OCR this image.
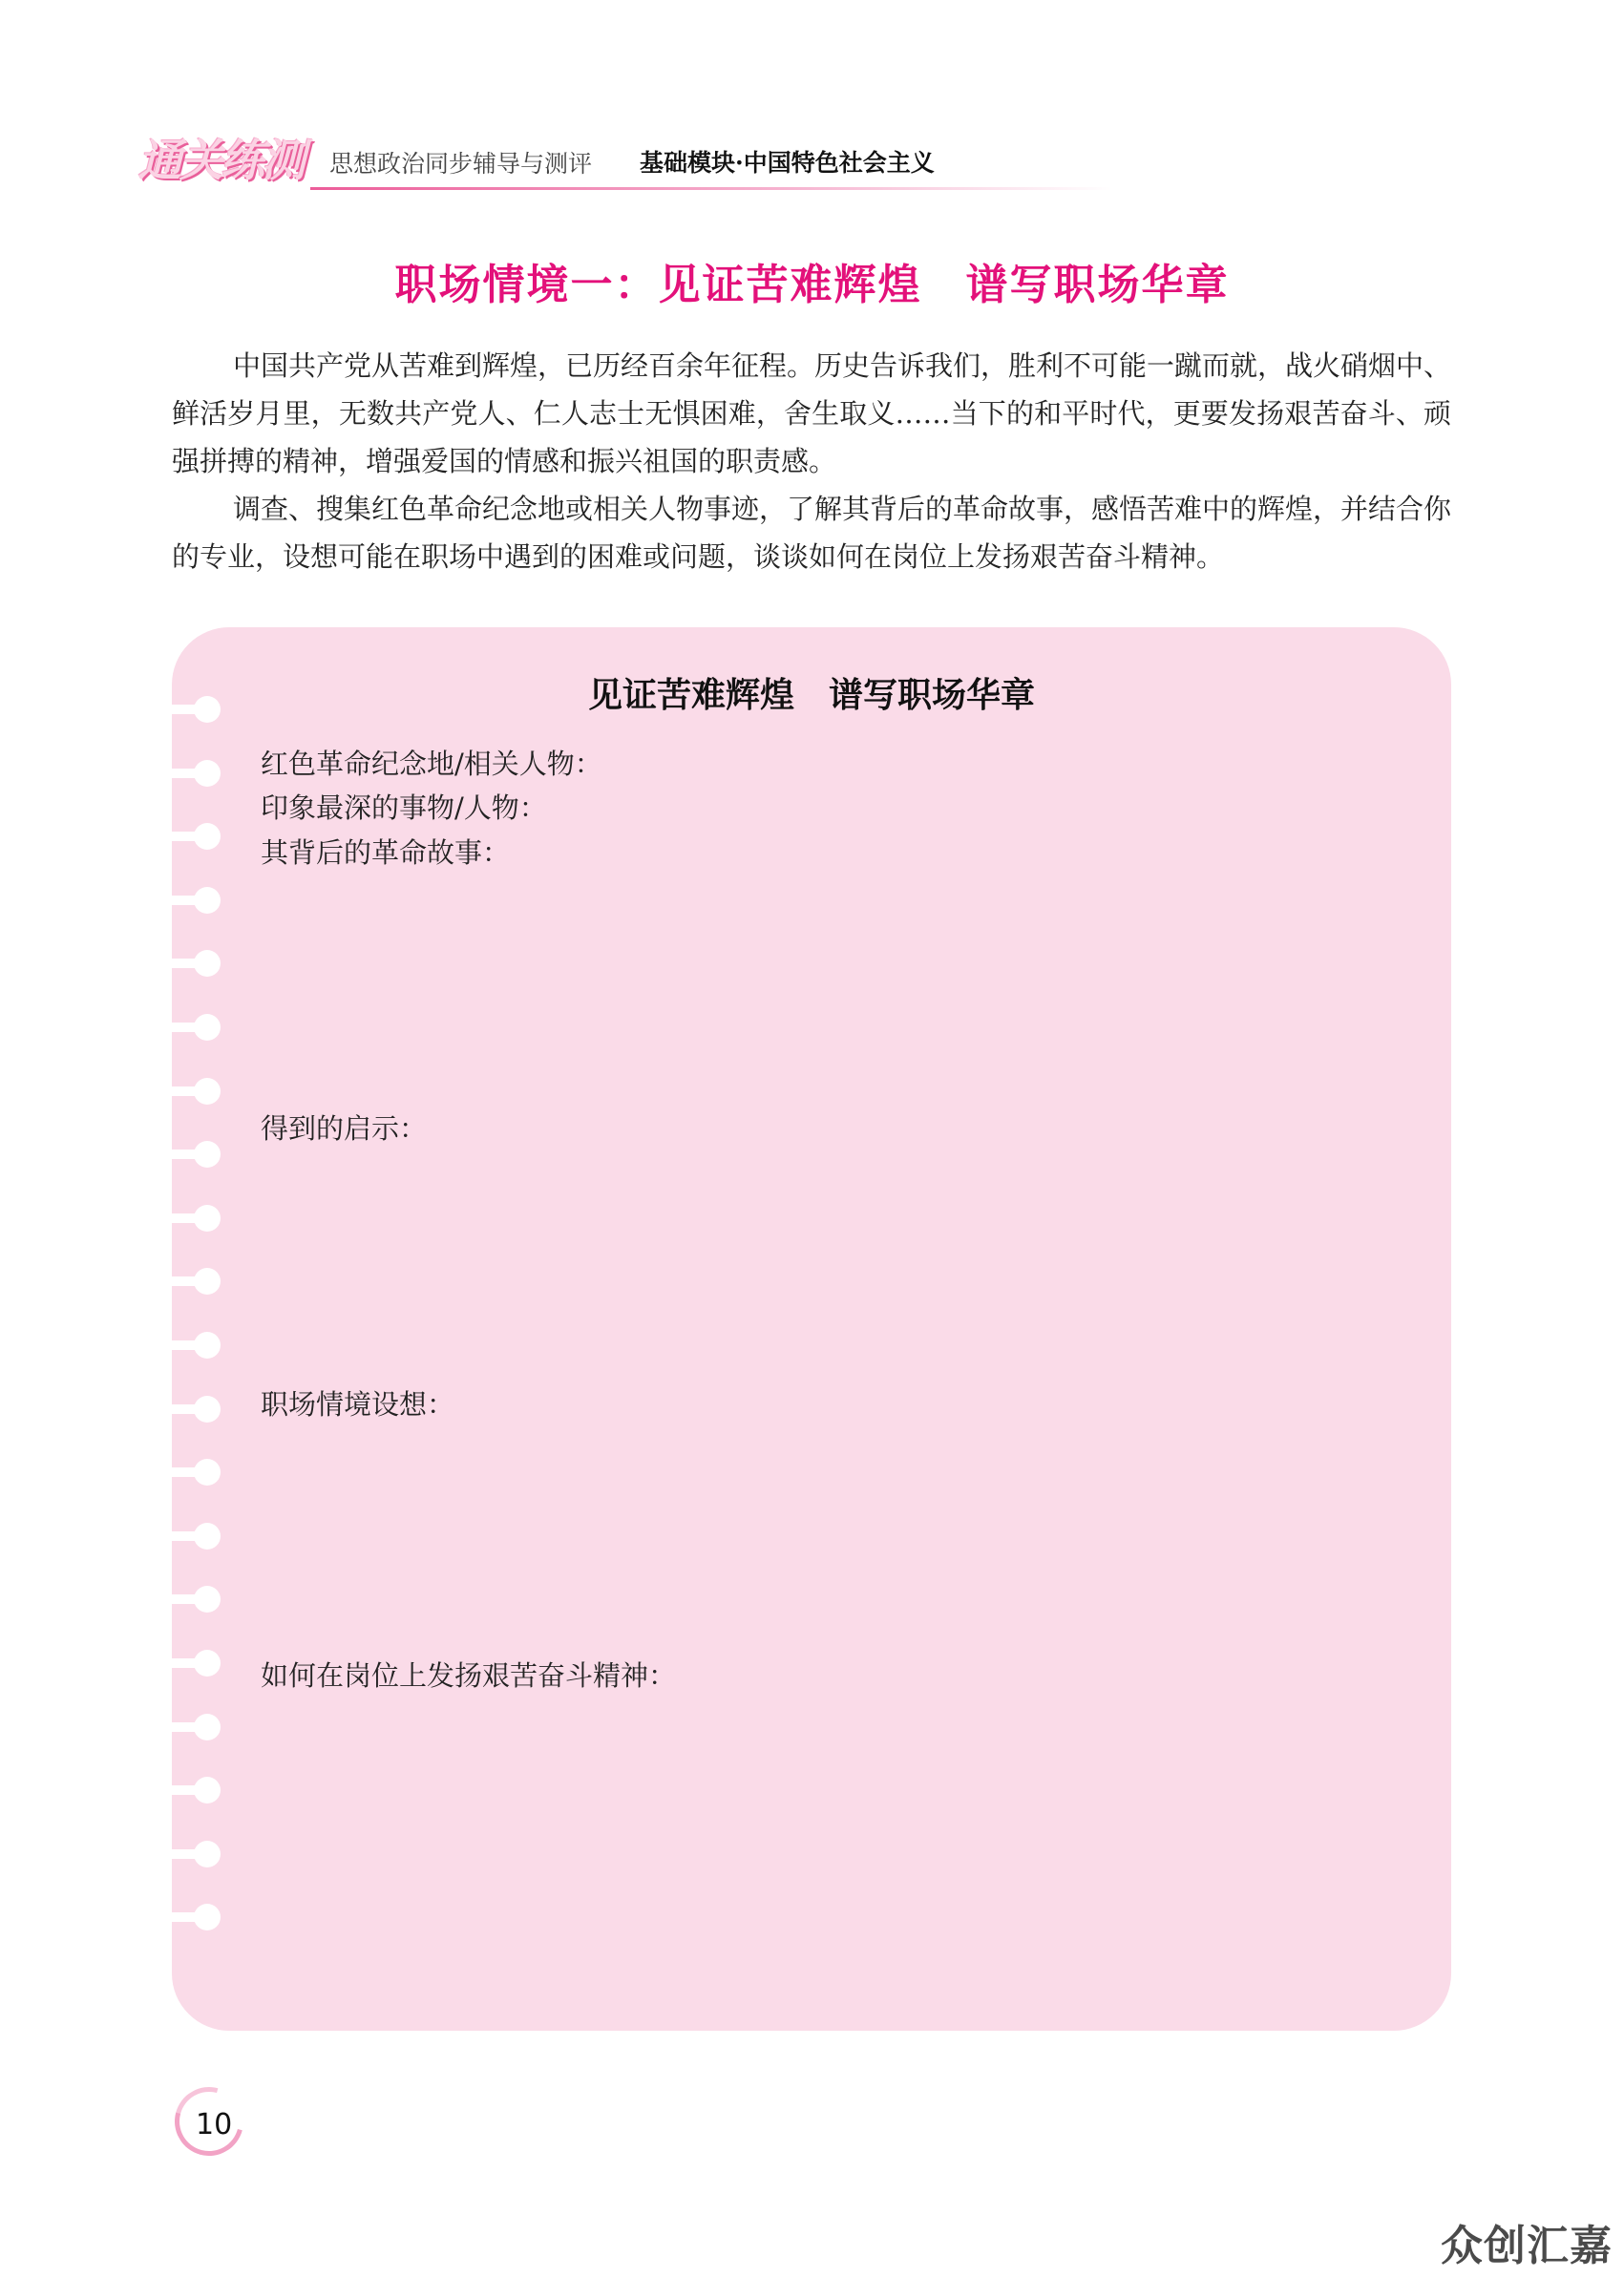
通关练测 思想政治同步辅导与测评 基础模块·中国特色社会主义
职场情境一：见证苦难辉煌　谱写职场华章

中国共产党从苦难到辉煌，已历经百余年征程。历史告诉我们，胜利不可能一蹴而就，战火硝烟中、鲜活岁月里，无数共产党人、仁人志士无惧困难，舍生取义……当下的和平时代，更要发扬艰苦奋斗、顽强拼搏的精神，增强爱国的情感和振兴祖国的职责感。

调查、搜集红色革命纪念地或相关人物事迹，了解其背后的革命故事，感悟苦难中的辉煌，并结合你的专业，设想可能在职场中遇到的困难或问题，谈谈如何在岗位上发扬艰苦奋斗精神。

见证苦难辉煌　谱写职场华章
红色革命纪念地/相关人物：
印象最深的事物/人物：
其背后的革命故事：
得到的启示：
职场情境设想：
如何在岗位上发扬艰苦奋斗精神：
10
众创汇嘉
